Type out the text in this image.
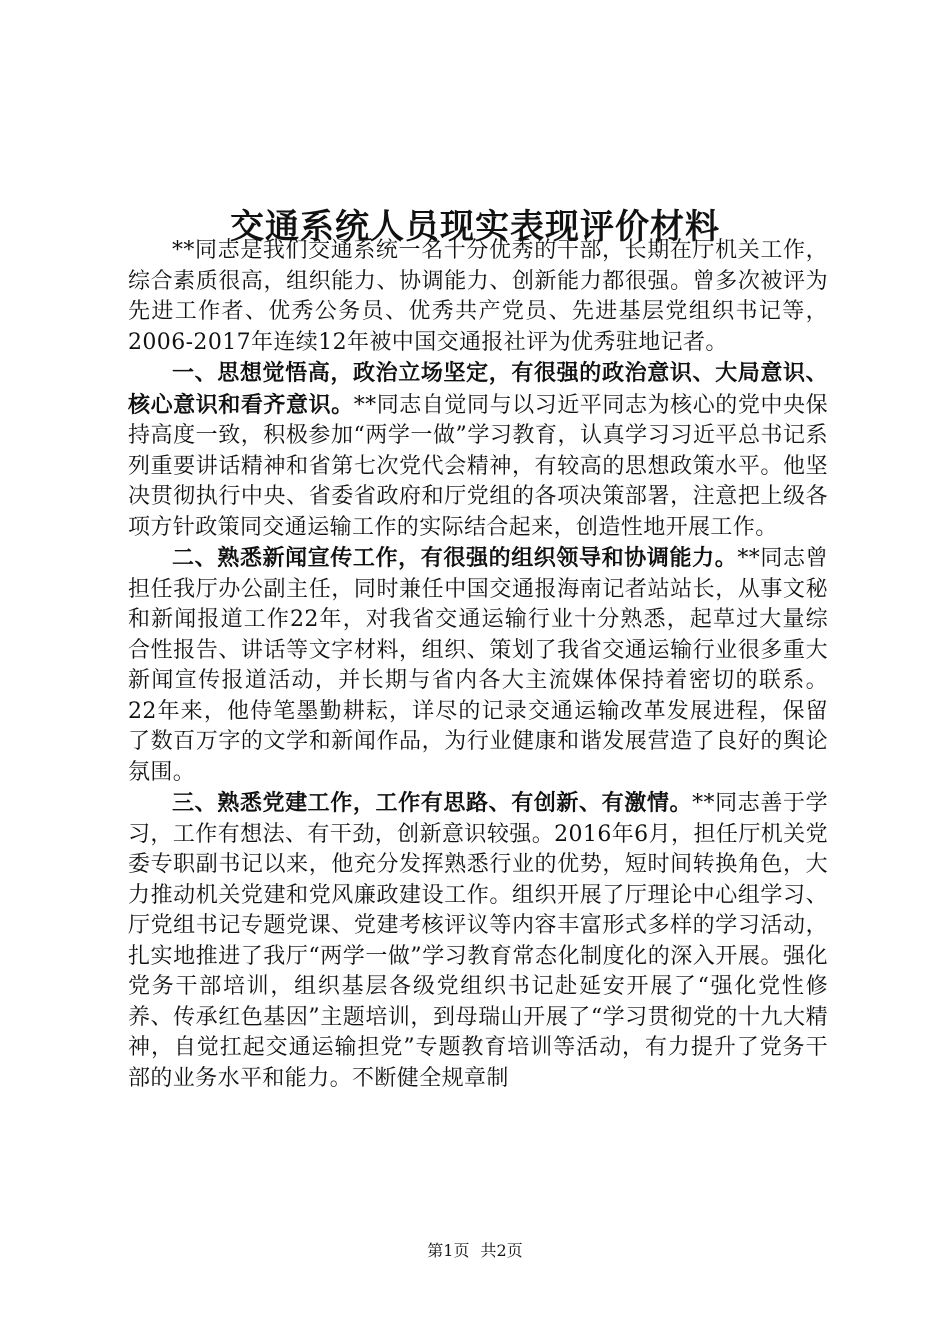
交通系统人员现实表现评价材料

**同志是我们交通系统一名十分优秀的干部，长期在厅机关工作，综合素质很高，组织能力、协调能力、创新能力都很强。曾多次被评为先进工作者、优秀公务员、优秀共产党员、先进基层党组织书记等，2006-2017年连续12年被中国交通报社评为优秀驻地记者。

一、思想觉悟高，政治立场坚定，有很强的政治意识、大局意识、核心意识和看齐意识。**同志自觉同与以习近平同志为核心的党中央保持高度一致，积极参加“两学一做”学习教育，认真学习习近平总书记系列重要讲话精神和省第七次党代会精神，有较高的思想政策水平。他坚决贯彻执行中央、省委省政府和厅党组的各项决策部署，注意把上级各项方针政策同交通运输工作的实际结合起来，创造性地开展工作。

二、熟悉新闻宣传工作，有很强的组织领导和协调能力。**同志曾担任我厅办公副主任，同时兼任中国交通报海南记者站站长，从事文秘和新闻报道工作22年，对我省交通运输行业十分熟悉，起草过大量综合性报告、讲话等文字材料，组织、策划了我省交通运输行业很多重大新闻宣传报道活动，并长期与省内各大主流媒体保持着密切的联系。22年来，他侍笔墨勤耕耘，详尽的记录交通运输改革发展进程，保留了数百万字的文学和新闻作品，为行业健康和谐发展营造了良好的舆论氛围。

三、熟悉党建工作，工作有思路、有创新、有激情。**同志善于学习，工作有想法、有干劲，创新意识较强。2016年6月，担任厅机关党委专职副书记以来，他充分发挥熟悉行业的优势，短时间转换角色，大力推动机关党建和党风廉政建设工作。组织开展了厅理论中心组学习、厅党组书记专题党课、党建考核评议等内容丰富形式多样的学习活动，扎实地推进了我厅“两学一做”学习教育常态化制度化的深入开展。强化党务干部培训，组织基层各级党组织书记赴延安开展了“强化党性修养、传承红色基因”主题培训，到母瑞山开展了“学习贯彻党的十九大精神，自觉扛起交通运输担党”专题教育培训等活动，有力提升了党务干部的业务水平和能力。不断健全规章制

第1页 共2页
